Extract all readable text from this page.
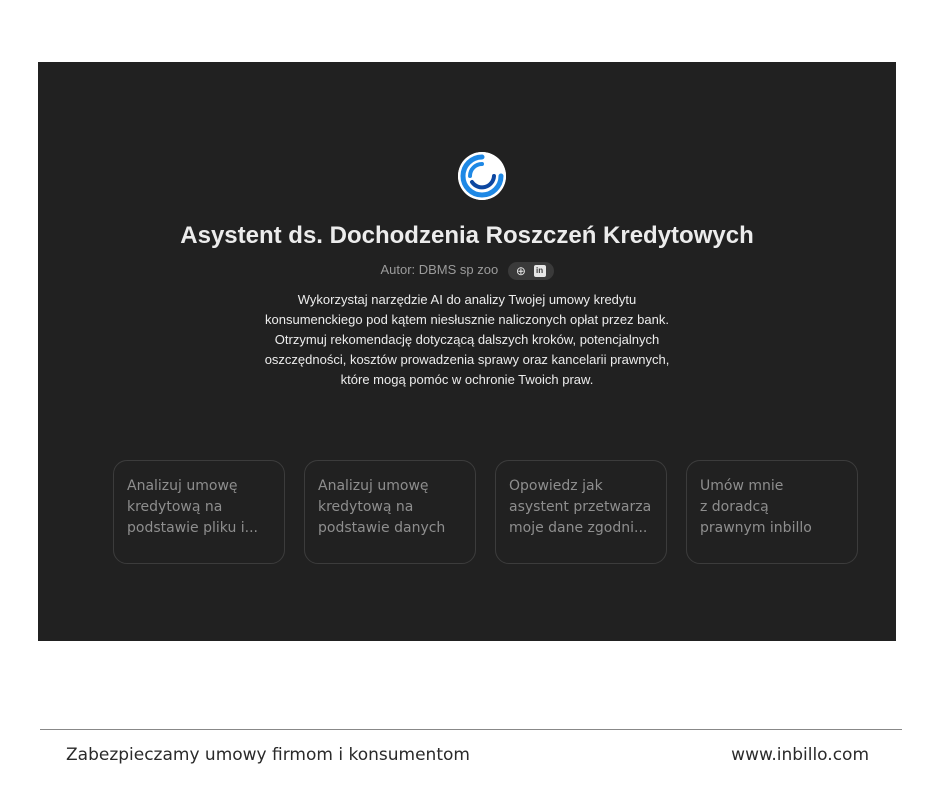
Asystent ds. Dochodzenia Roszczeń Kredytowych
Autor: DBMS sp zoo ⊕ in
Wykorzystaj narzędzie AI do analizy Twojej umowy kredytu
konsumenckiego pod kątem niesłusznie naliczonych opłat przez bank.
Otrzymuj rekomendację dotyczącą dalszych kroków, potencjalnych
oszczędności, kosztów prowadzenia sprawy oraz kancelarii prawnych,
które mogą pomóc w ochronie Twoich praw.
Analizuj umowę
kredytową na
podstawie pliku i...
Analizuj umowę
kredytową na
podstawie danych
Opowiedz jak
asystent przetwarza
moje dane zgodni...
Umów mnie
z doradcą
prawnym inbillo
Zabezpieczamy umowy firmom i konsumentom	www.inbillo.com
